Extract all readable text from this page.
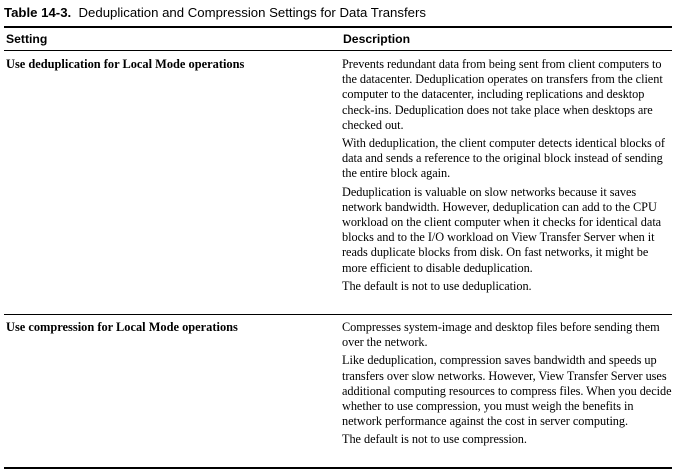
Table 14-3. Deduplication and Compression Settings for Data Transfers
Setting	Description
Use deduplication for Local Mode operations	Prevents redundant data from being sent from client computers to the datacenter. Deduplication operates on transfers from the client computer to the datacenter, including replications and desktop check-ins. Deduplication does not take place when desktops are checked out.

With deduplication, the client computer detects identical blocks of data and sends a reference to the original block instead of sending the entire block again.

Deduplication is valuable on slow networks because it saves network bandwidth. However, deduplication can add to the CPU workload on the client computer when it checks for identical data blocks and to the I/O workload on View Transfer Server when it reads duplicate blocks from disk. On fast networks, it might be more efficient to disable deduplication.

The default is not to use deduplication.

Use compression for Local Mode operations	Compresses system-image and desktop files before sending them over the network.

Like deduplication, compression saves bandwidth and speeds up transfers over slow networks. However, View Transfer Server uses additional computing resources to compress files. When you decide whether to use compression, you must weigh the benefits in network performance against the cost in server computing.

The default is not to use compression.
